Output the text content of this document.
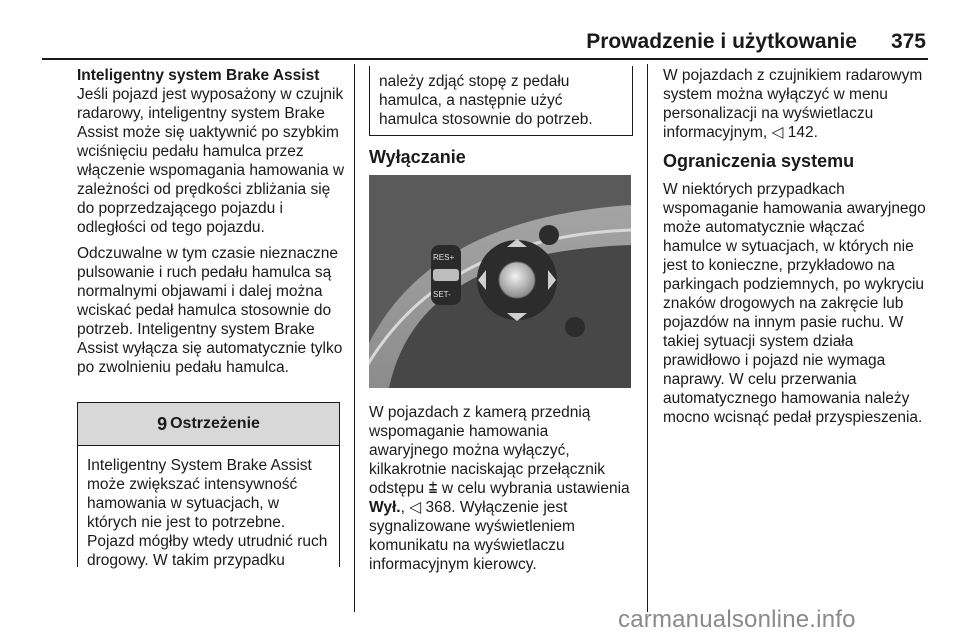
Prowadzenie i użytkowanie 375

Inteligentny system Brake Assist

Jeśli pojazd jest wyposażony w czujnik radarowy, inteligentny system Brake Assist może się uaktywnić po szybkim wciśnięciu pedału hamulca przez włączenie wspomagania hamowania w zależności od prędkości zbliżania się do poprzedzającego pojazdu i odległości od tego pojazdu.

Odczuwalne w tym czasie nieznaczne pulsowanie i ruch pedału hamulca są normalnymi objawami i dalej można wciskać pedał hamulca stosownie do potrzeb. Inteligentny system Brake Assist wyłącza się automatycznie tylko po zwolnieniu pedału hamulca.

9 Ostrzeżenie
Inteligentny System Brake Assist może zwiększać intensywność hamowania w sytuacjach, w których nie jest to potrzebne. Pojazd mógłby wtedy utrudnić ruch drogowy. W takim przypadku
należy zdjąć stopę z pedału hamulca, a następnie użyć hamulca stosownie do potrzeb.
Wyłączanie
RES+
SET-

W pojazdach z kamerą przednią wspomaganie hamowania awaryjnego można wyłączyć, kilkakrotnie naciskając przełącznik odstępu ⩲ w celu wybrania ustawienia Wył., ◁ 368. Wyłączenie jest sygnalizowane wyświetleniem komunikatu na wyświetlaczu informacyjnym kierowcy.

W pojazdach z czujnikiem radarowym system można wyłączyć w menu personalizacji na wyświetlaczu informacyjnym, ◁ 142.

Ograniczenia systemu

W niektórych przypadkach wspomaganie hamowania awaryjnego może automatycznie włączać hamulce w sytuacjach, w których nie jest to konieczne, przykładowo na parkingach podziemnych, po wykryciu znaków drogowych na zakręcie lub pojazdów na innym pasie ruchu. W takiej sytuacji system działa prawidłowo i pojazd nie wymaga naprawy. W celu przerwania automatycznego hamowania należy mocno wcisnąć pedał przyspieszenia.

carmanualsonline.info
